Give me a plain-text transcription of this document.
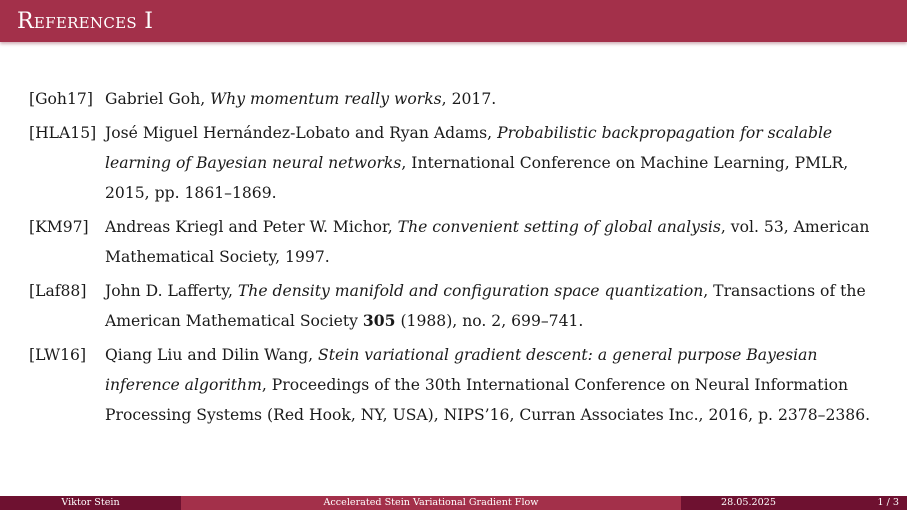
References I
[Goh17] Gabriel Goh, Why momentum really works, 2017.
[HLA15] José Miguel Hernández-Lobato and Ryan Adams, Probabilistic backpropagation for scalable learning of Bayesian neural networks, International Conference on Machine Learning, PMLR, 2015, pp. 1861–1869.
[KM97]	Andreas Kriegl and Peter W. Michor, The convenient setting of global analysis, vol. 53, American Mathematical Society, 1997.
[Laf88]	John D. Lafferty, The density manifold and configuration space quantization, Transactions of the American Mathematical Society 305 (1988), no. 2, 699–741.
[LW16]	Qiang Liu and Dilin Wang, Stein variational gradient descent: a general purpose Bayesian inference algorithm, Proceedings of the 30th International Conference on Neural Information Processing Systems (Red Hook, NY, USA), NIPS’16, Curran Associates Inc., 2016, p. 2378–2386.
Viktor Stein	Accelerated Stein Variational Gradient Flow	28.05.2025	1 / 3
